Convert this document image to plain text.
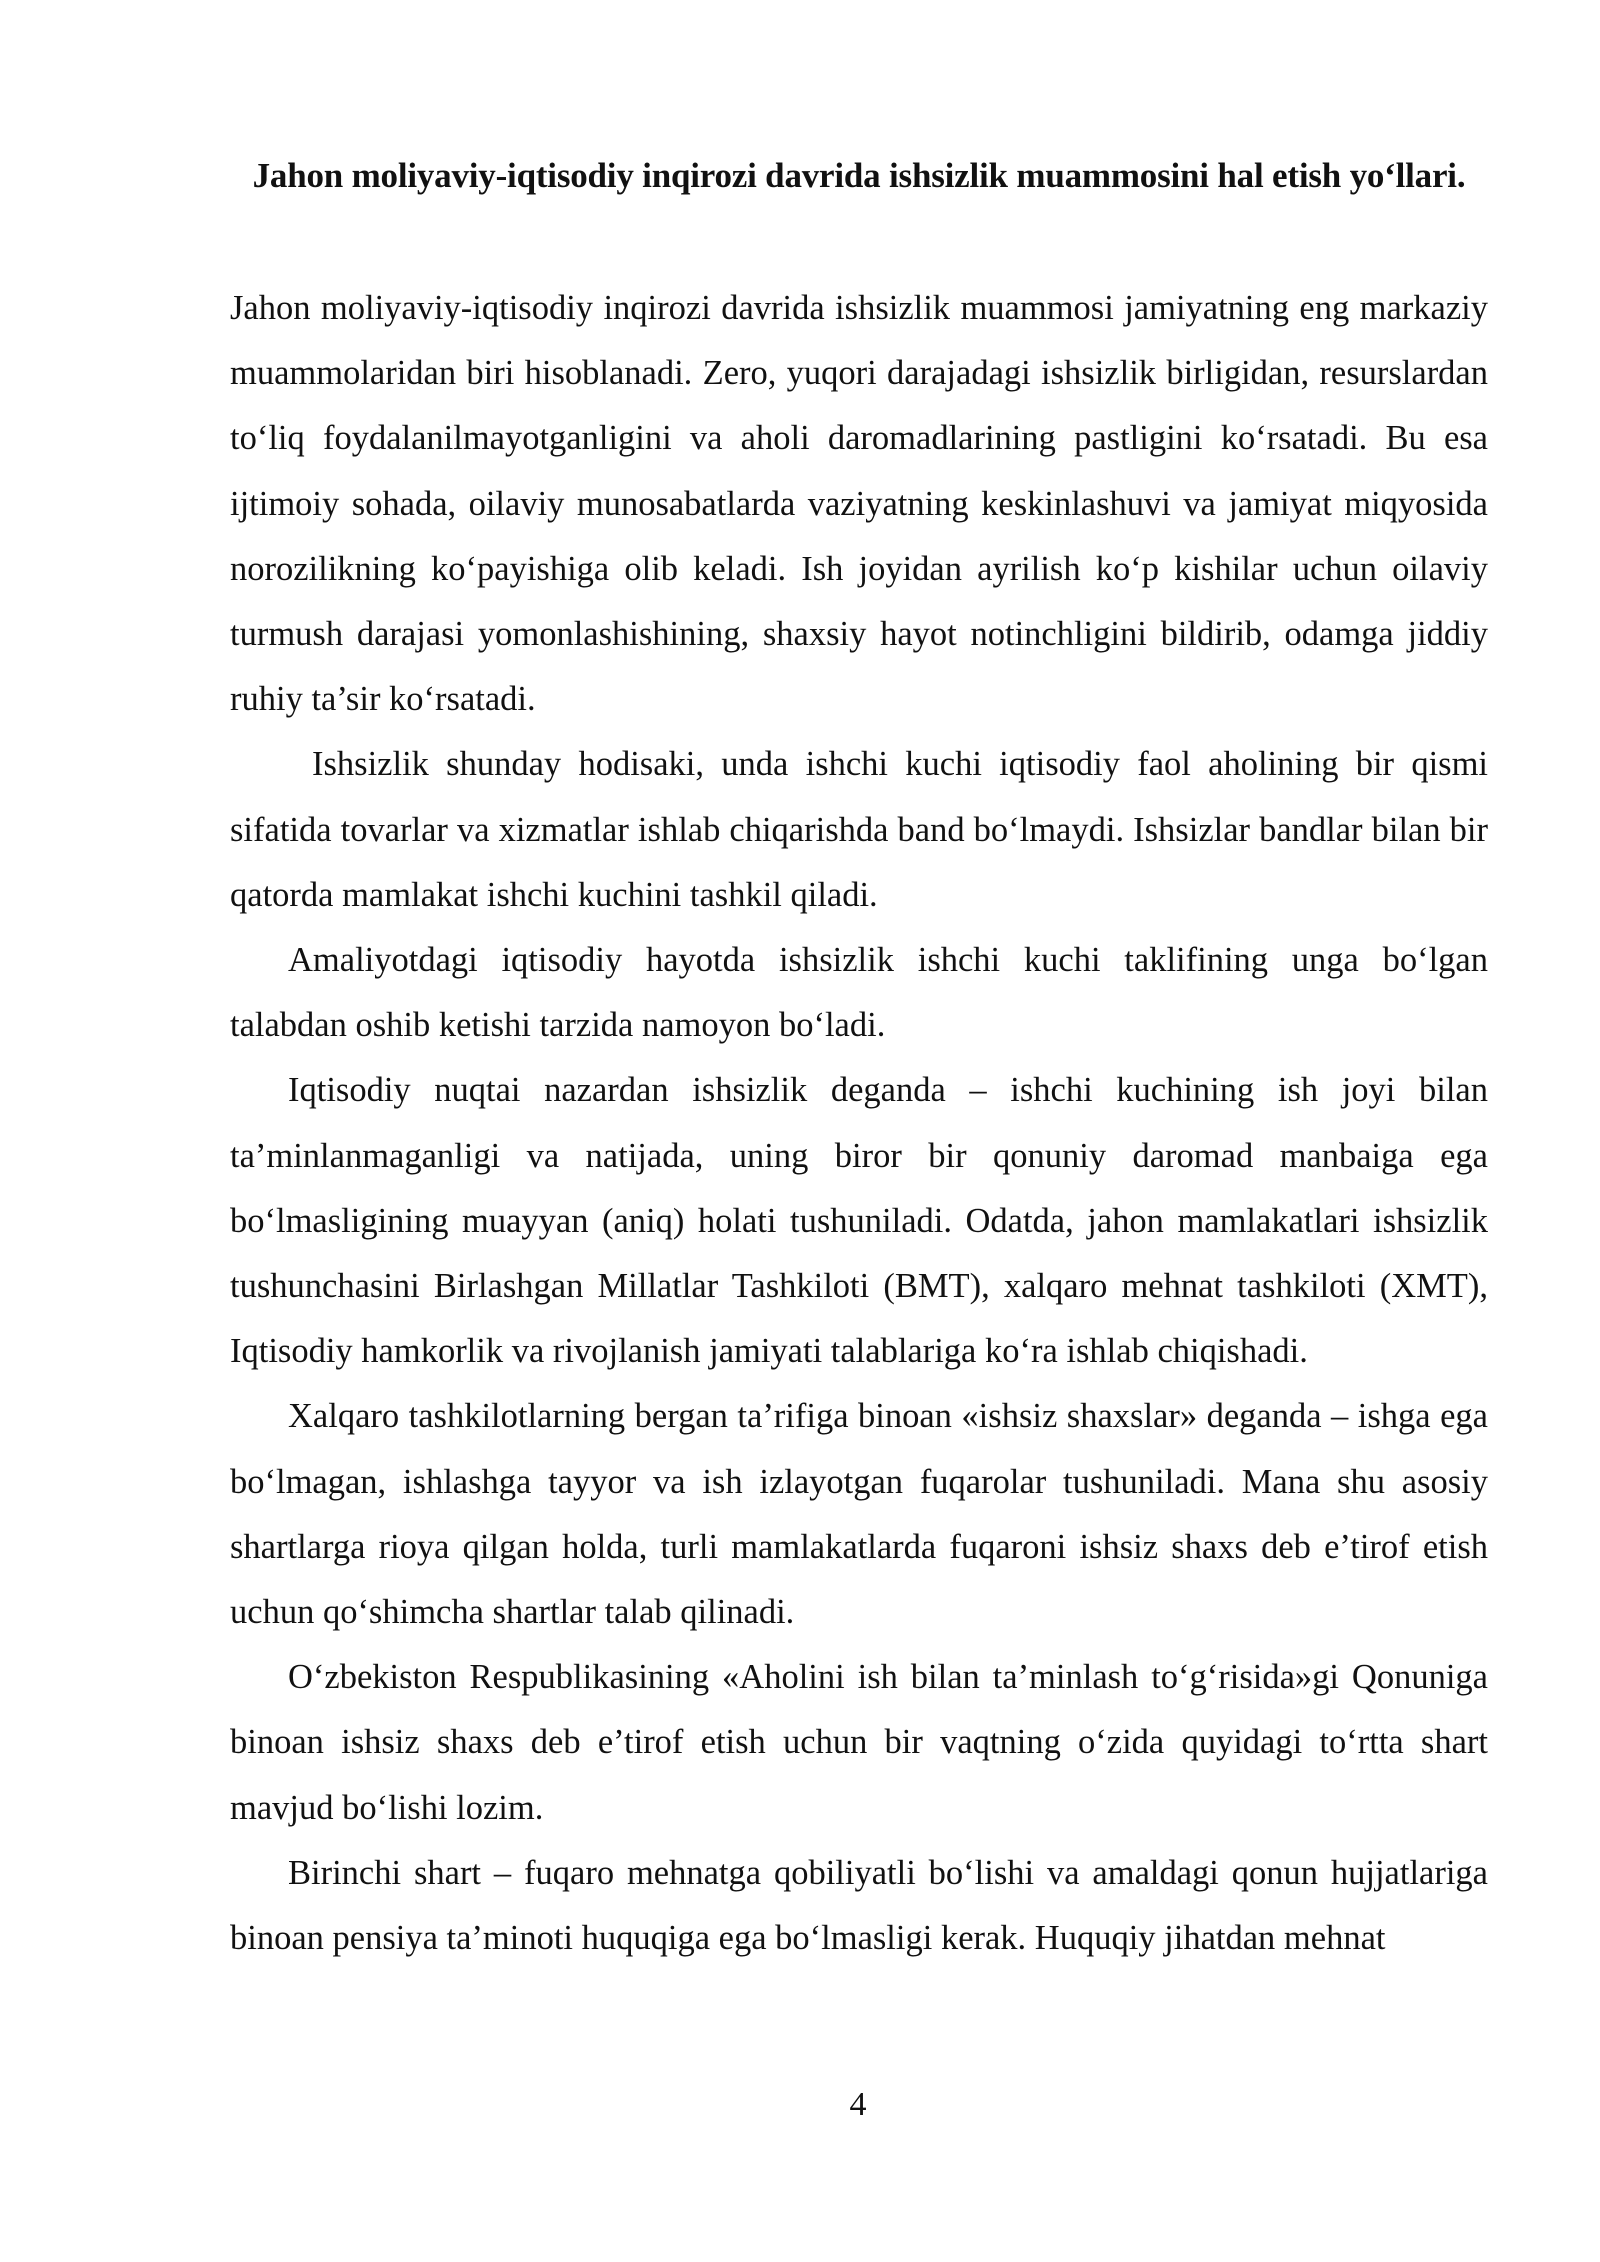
Jahon moliyaviy-iqtisodiy inqirozi davrida ishsizlik muammosini hal etish yo‘llari.

Jahon moliyaviy-iqtisodiy inqirozi davrida ishsizlik muammosi jamiyatning eng markaziy muammolaridan biri hisoblanadi. Zero, yuqori darajadagi ishsizlik birligidan, resurslardan to‘liq foydalanilmayotganligini va aholi daromadlarining pastligini ko‘rsatadi. Bu esa ijtimoiy sohada, oilaviy munosabatlarda vaziyatning keskinlashuvi va jamiyat miqyosida norozilikning ko‘payishiga olib keladi. Ish joyidan ayrilish ko‘p kishilar uchun oilaviy turmush darajasi yomonlashishining, shaxsiy hayot notinchligini bildirib, odamga jiddiy ruhiy ta’sir ko‘rsatadi.

Ishsizlik shunday hodisaki, unda ishchi kuchi iqtisodiy faol aholining bir qismi sifatida tovarlar va xizmatlar ishlab chiqarishda band bo‘lmaydi. Ishsizlar bandlar bilan bir qatorda mamlakat ishchi kuchini tashkil qiladi.

Amaliyotdagi iqtisodiy hayotda ishsizlik ishchi kuchi taklifining unga bo‘lgan talabdan oshib ketishi tarzida namoyon bo‘ladi.

Iqtisodiy nuqtai nazardan ishsizlik deganda – ishchi kuchining ish joyi bilan ta’minlanmaganligi va natijada, uning biror bir qonuniy daromad manbaiga ega bo‘lmasligining muayyan (aniq) holati tushuniladi. Odatda, jahon mamlakatlari ishsizlik tushunchasini Birlashgan Millatlar Tashkiloti (BMT), xalqaro mehnat tashkiloti (XMT), Iqtisodiy hamkorlik va rivojlanish jamiyati talablariga ko‘ra ishlab chiqishadi.

Xalqaro tashkilotlarning bergan ta’rifiga binoan «ishsiz shaxslar» deganda – ishga ega bo‘lmagan, ishlashga tayyor va ish izlayotgan fuqarolar tushuniladi. Mana shu asosiy shartlarga rioya qilgan holda, turli mamlakatlarda fuqaroni ishsiz shaxs deb e’tirof etish uchun qo‘shimcha shartlar talab qilinadi.

O‘zbekiston Respublikasining «Aholini ish bilan ta’minlash to‘g‘risida»gi Qonuniga binoan ishsiz shaxs deb e’tirof etish uchun bir vaqtning o‘zida quyidagi to‘rtta shart mavjud bo‘lishi lozim.

Birinchi shart – fuqaro mehnatga qobiliyatli bo‘lishi va amaldagi qonun hujjatlariga binoan pensiya ta’minoti huquqiga ega bo‘lmasligi kerak. Huquqiy jihatdan mehnat

4
